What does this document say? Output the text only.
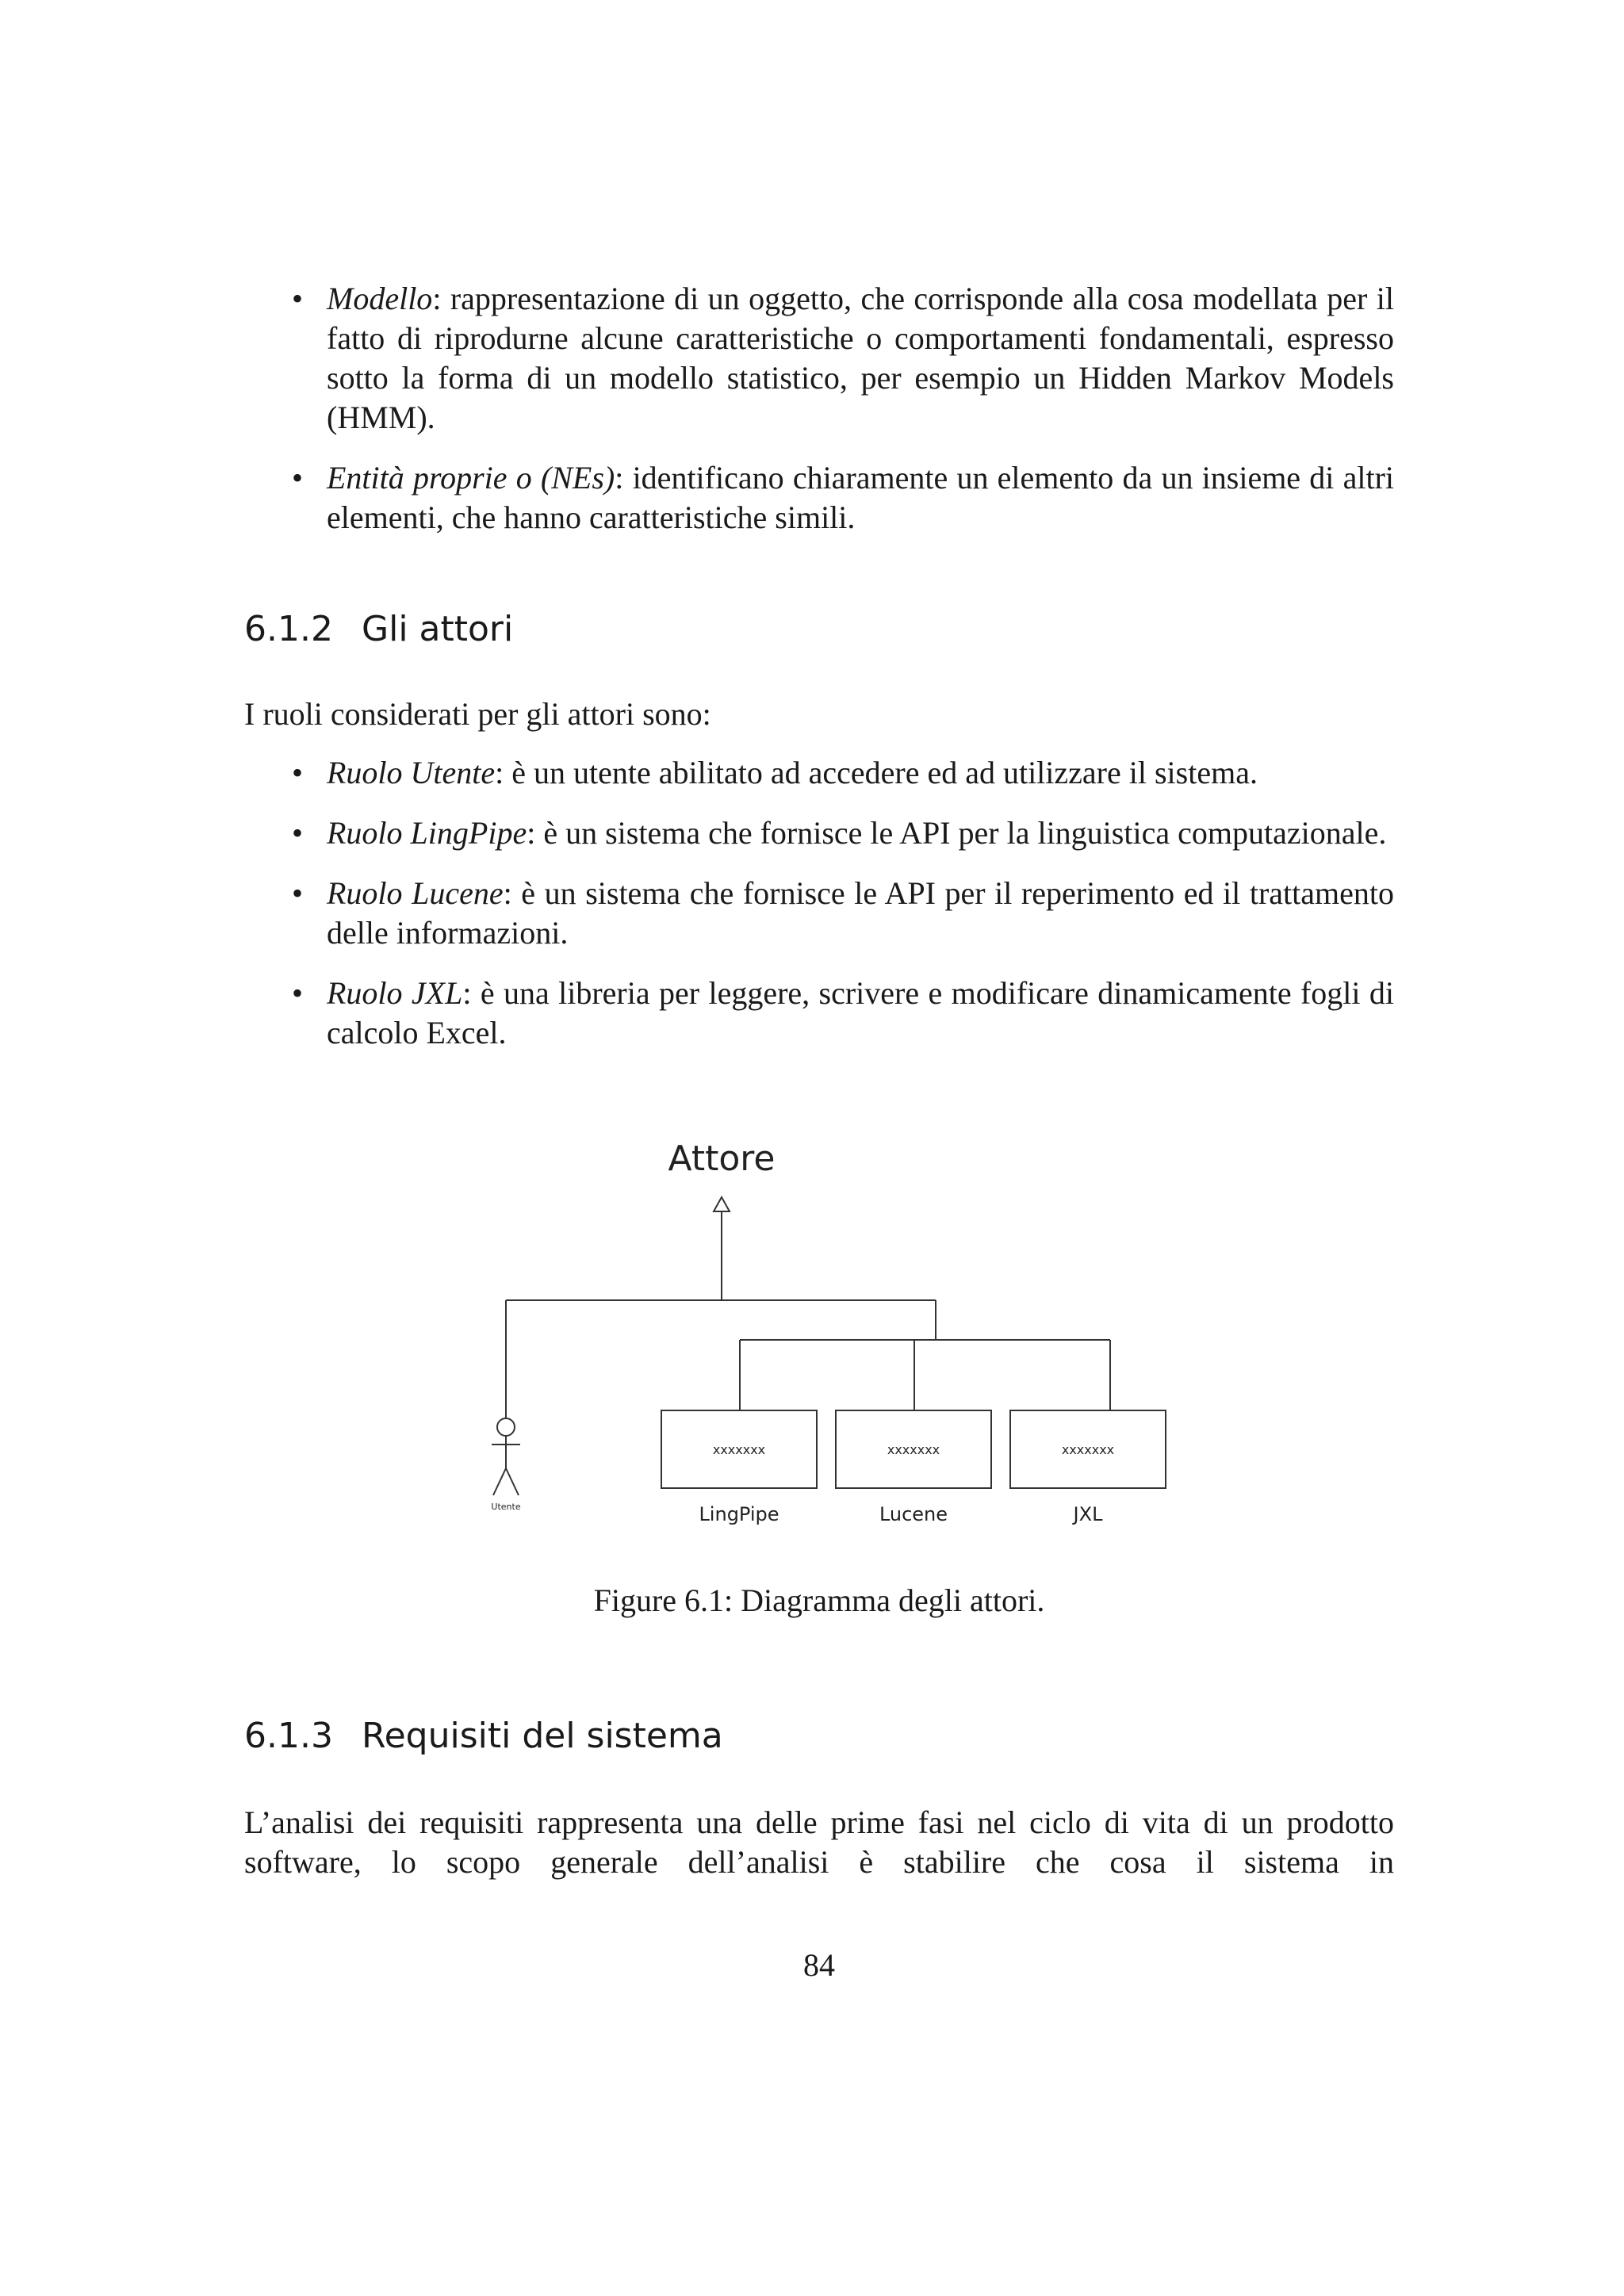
• Modello: rappresentazione di un oggetto, che corrisponde alla cosa modellata per il fatto di riprodurne alcune caratteristiche o comportamenti fondamentali, espresso sotto la forma di un modello statistico, per esempio un Hidden Markov Models (HMM).
• Entità proprie o (NEs): identificano chiaramente un elemento da un insieme di altri elementi, che hanno caratteristiche simili.
6.1.2 Gli attori
I ruoli considerati per gli attori sono:
• Ruolo Utente: è un utente abilitato ad accedere ed ad utilizzare il sistema.
• Ruolo LingPipe: è un sistema che fornisce le API per la linguistica computazionale.
• Ruolo Lucene: è un sistema che fornisce le API per il reperimento ed il trattamento delle informazioni.
• Ruolo JXL: è una libreria per leggere, scrivere e modificare dinamicamente fogli di calcolo Excel.
Attore
xxxxxxx	xxxxxxx	xxxxxxx
LingPipe	Lucene	JXL
Utente
Figure 6.1: Diagramma degli attori.
6.1.3 Requisiti del sistema
L’analisi dei requisiti rappresenta una delle prime fasi nel ciclo di vita di un prodotto software, lo scopo generale dell’analisi è stabilire che cosa il sistema in
84
